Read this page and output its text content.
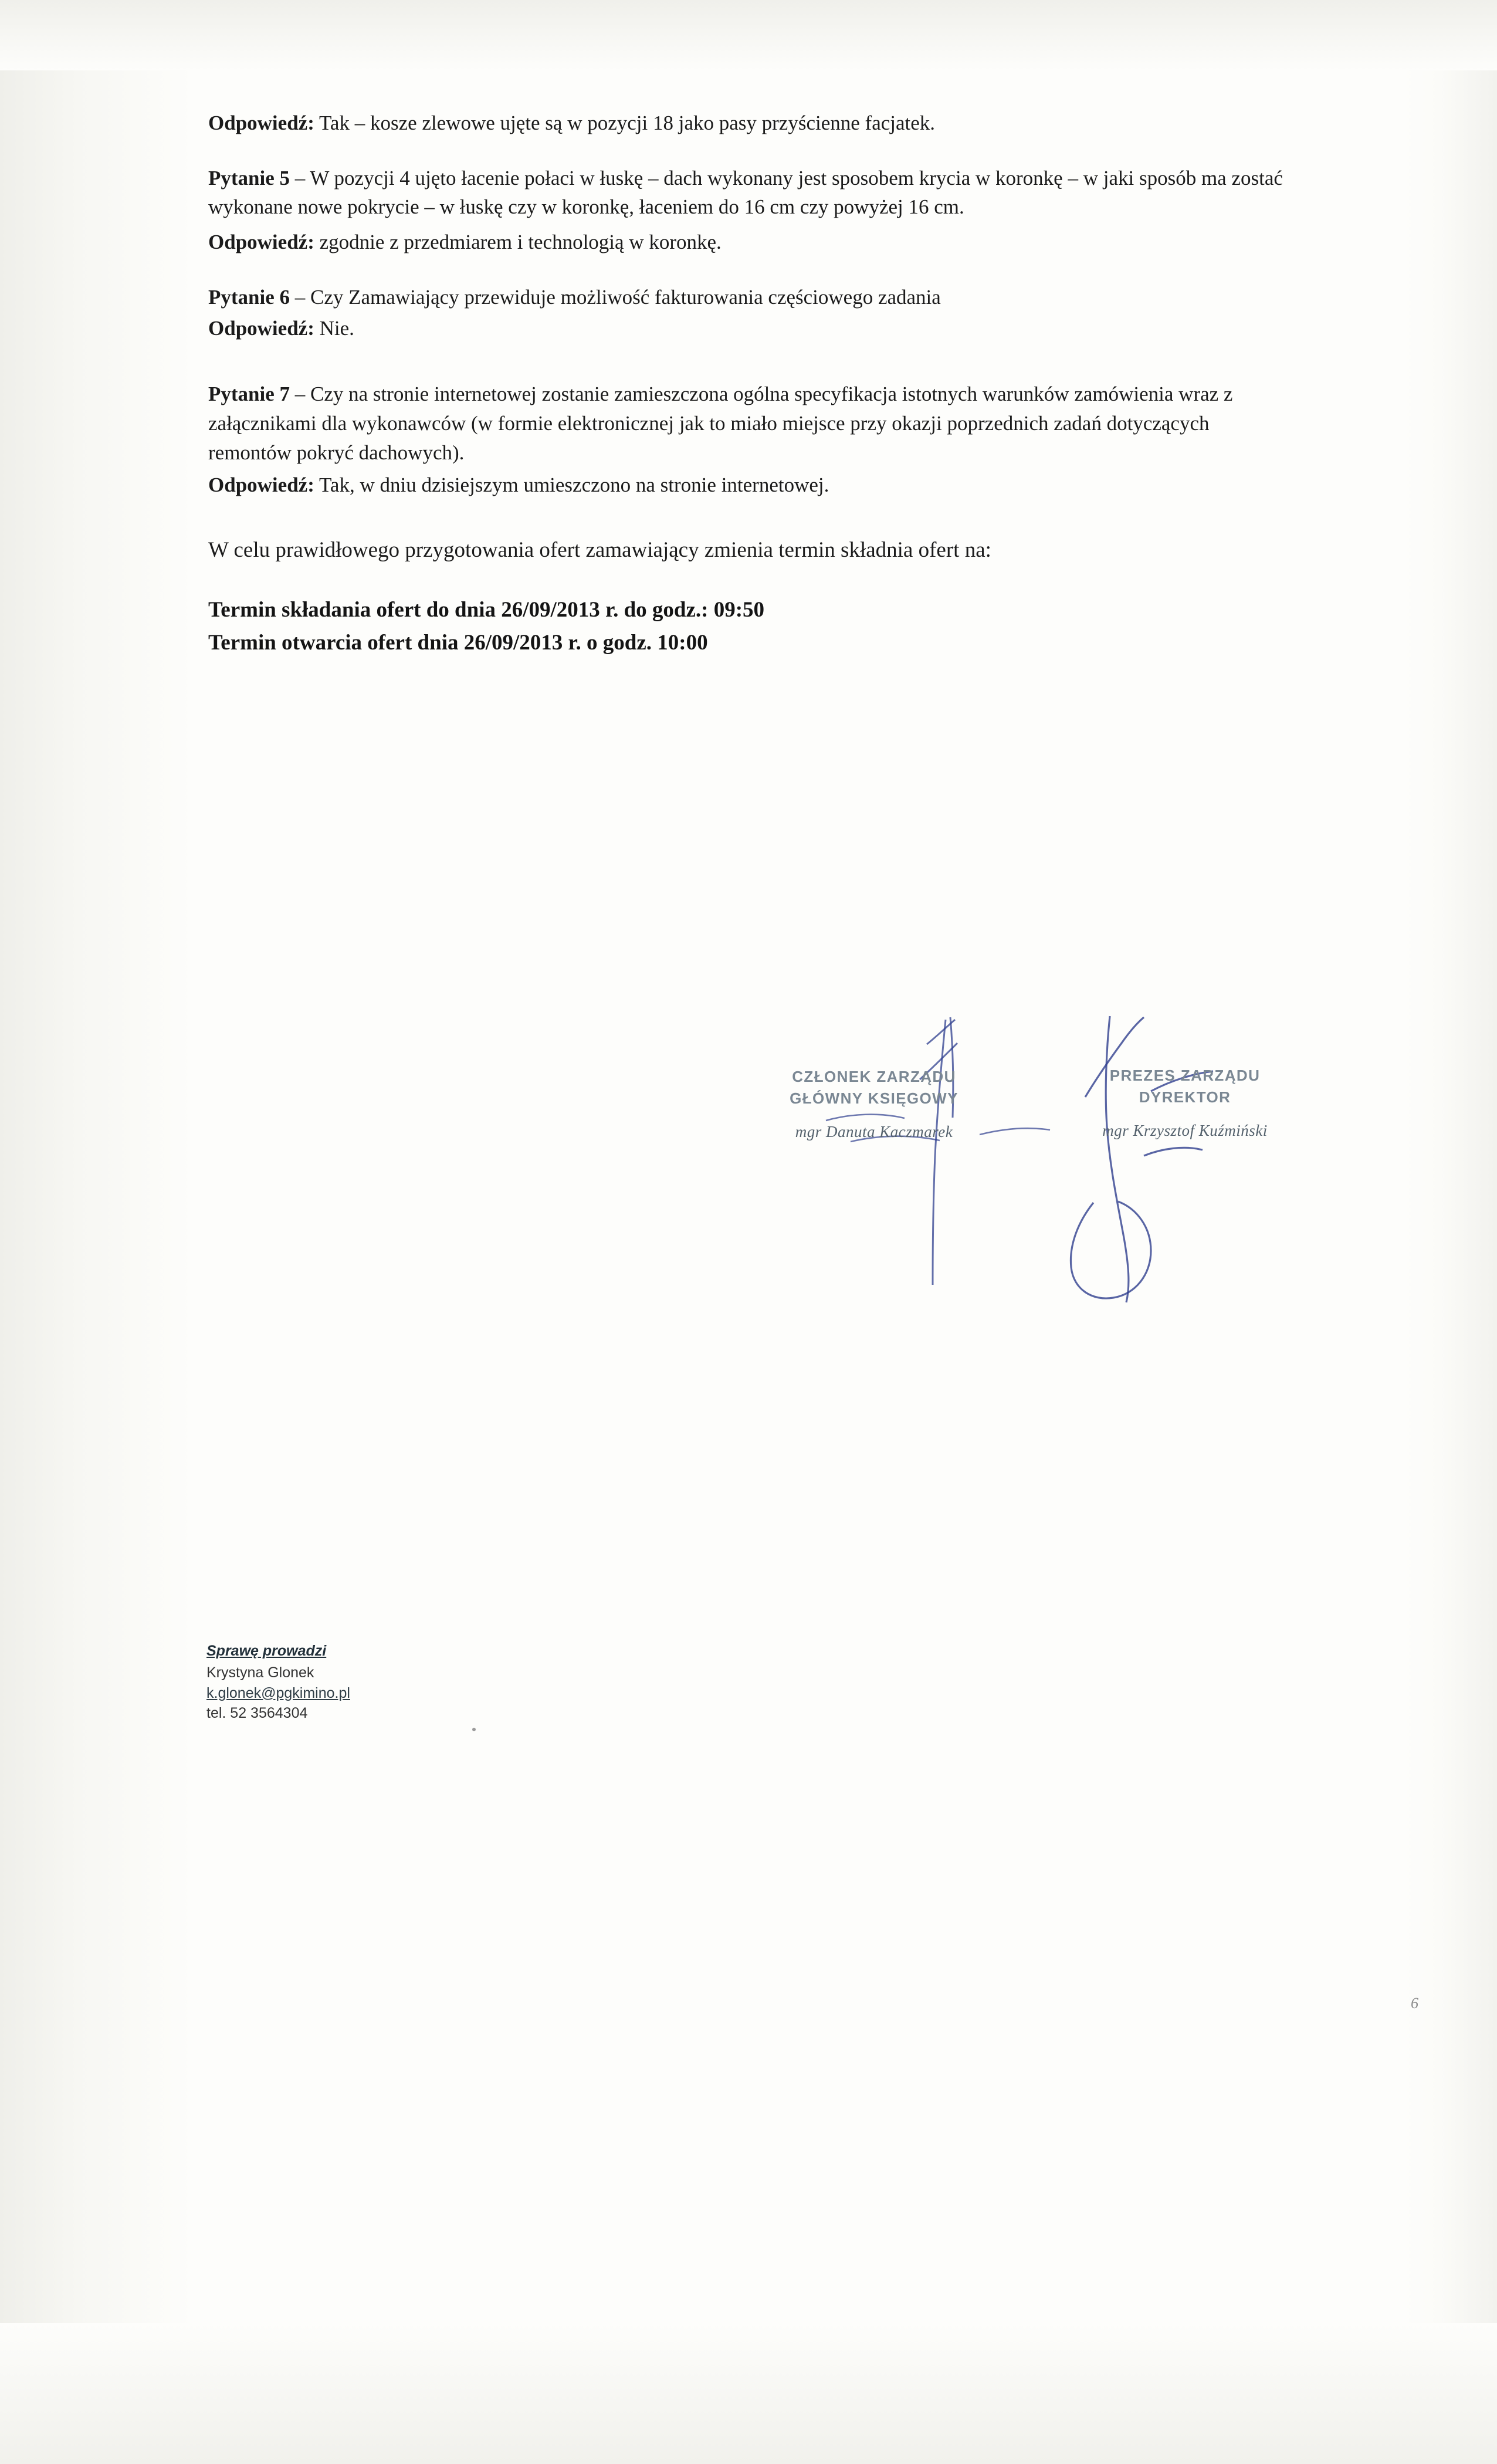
Odpowiedź: Tak – kosze zlewowe ujęte są w pozycji 18 jako pasy przyścienne facjatek.

Pytanie 5 – W pozycji 4 ujęto łacenie połaci w łuskę – dach wykonany jest sposobem krycia w koronkę – w jaki sposób ma zostać wykonane nowe pokrycie – w łuskę czy w koronkę, łaceniem do 16 cm czy powyżej 16 cm.

Odpowiedź: zgodnie z przedmiarem i technologią w koronkę.

Pytanie 6 – Czy Zamawiający przewiduje możliwość fakturowania częściowego zadania

Odpowiedź: Nie.

Pytanie 7 – Czy na stronie internetowej zostanie zamieszczona ogólna specyfikacja istotnych warunków zamówienia wraz z załącznikami dla wykonawców (w formie elektronicznej jak to miało miejsce przy okazji poprzednich zadań dotyczących remontów pokryć dachowych).

Odpowiedź: Tak, w dniu dzisiejszym umieszczono na stronie internetowej.

W celu prawidłowego przygotowania ofert zamawiający zmienia termin składnia ofert na:

Termin składania ofert do dnia 26/09/2013 r. do godz.: 09:50

Termin otwarcia ofert dnia 26/09/2013 r. o godz. 10:00

CZŁONEK ZARZĄDU
GŁÓWNY KSIĘGOWY
mgr Danuta Kaczmarek
PREZES ZARZĄDU
DYREKTOR
mgr Krzysztof Kuźmiński
Sprawę prowadzi
Krystyna Glonek
k.glonek@pgkimino.pl
tel. 52 3564304
6
